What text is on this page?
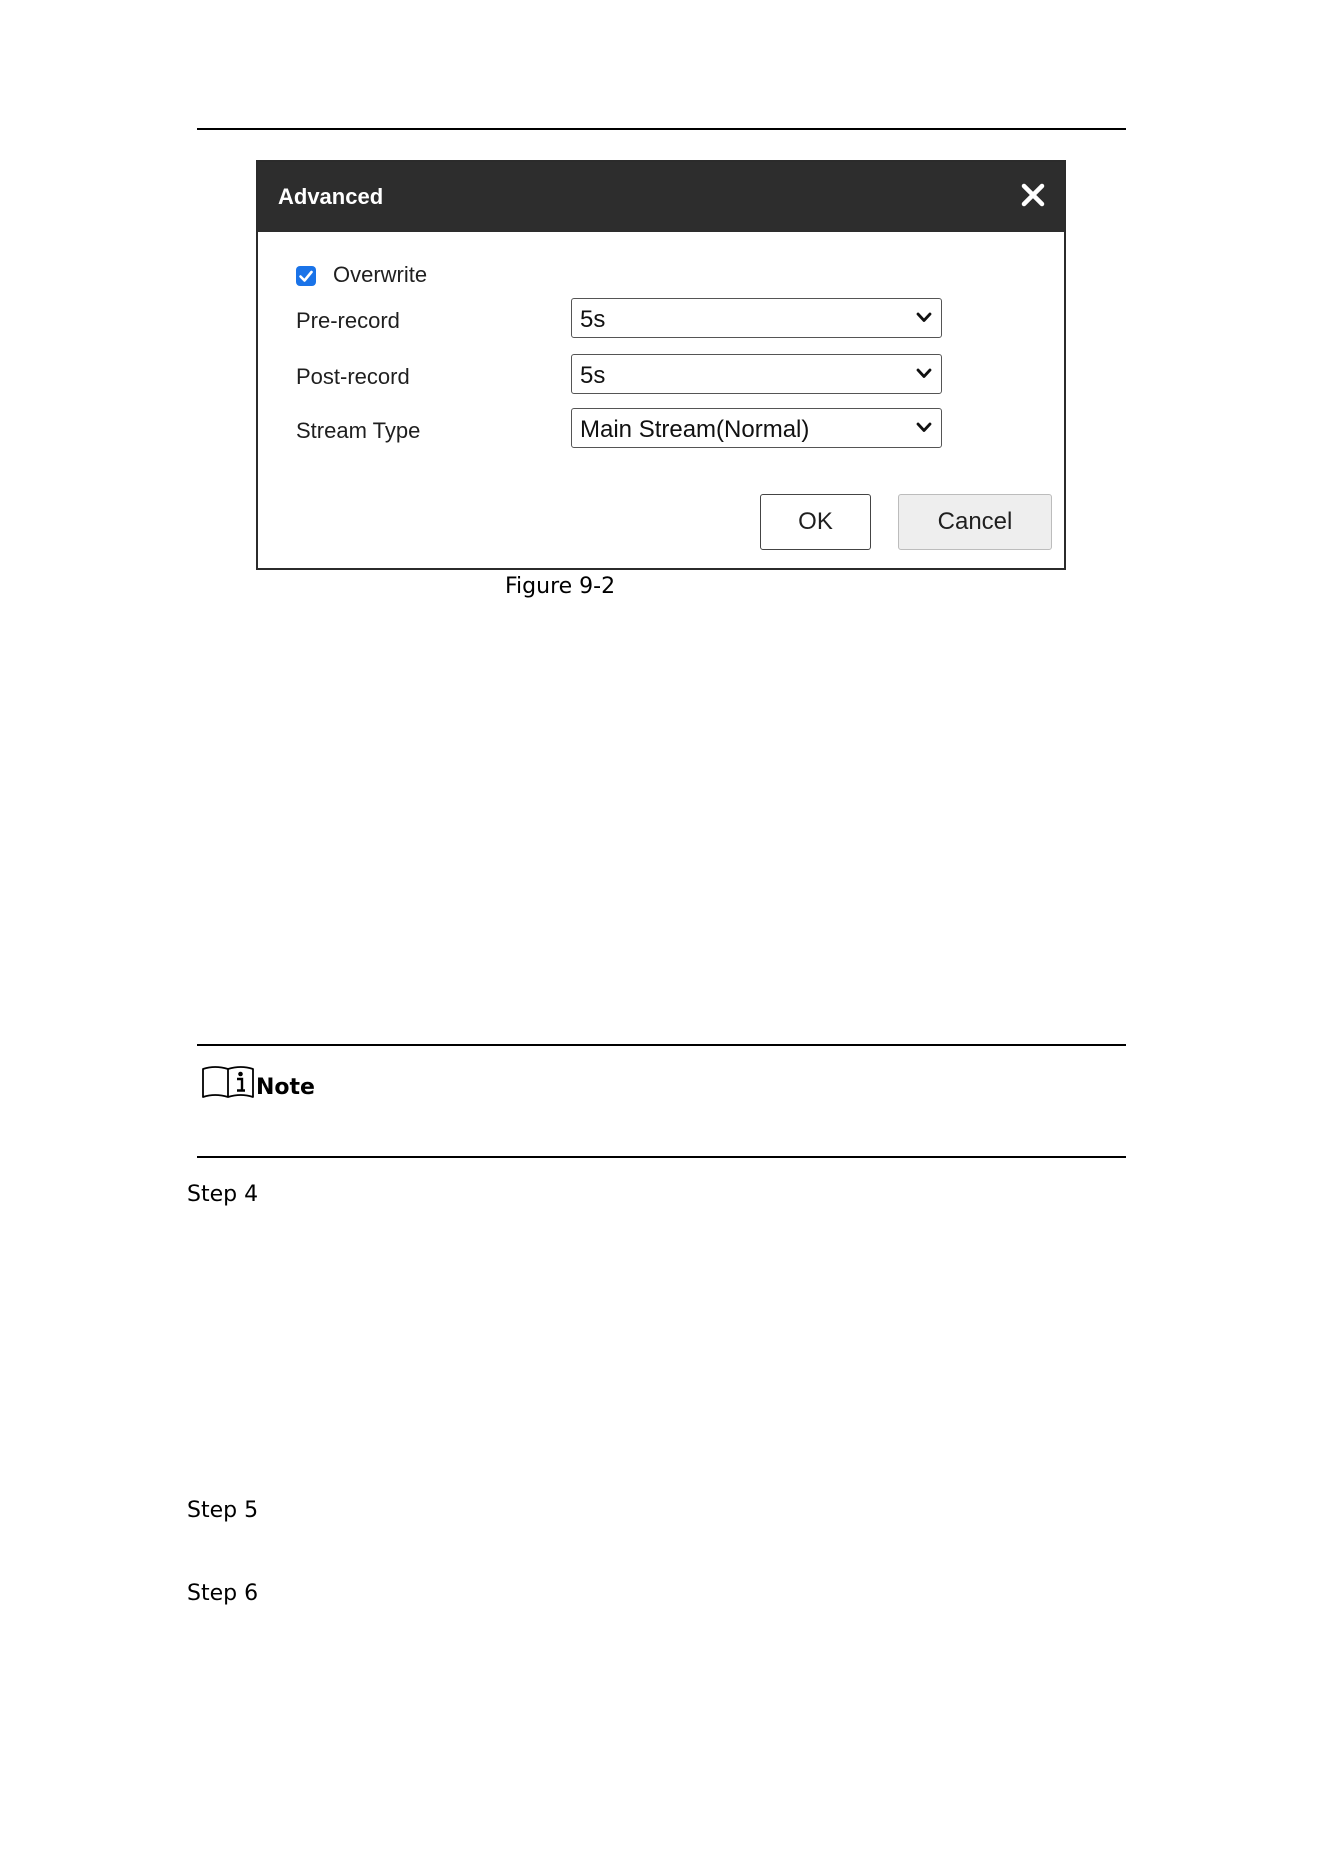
Advanced
Overwrite
Pre-record	5s
Post-record	5s
Stream Type	Main Stream(Normal)
OK	Cancel
Figure 9-2
Note
Step 4
Step 5
Step 6
